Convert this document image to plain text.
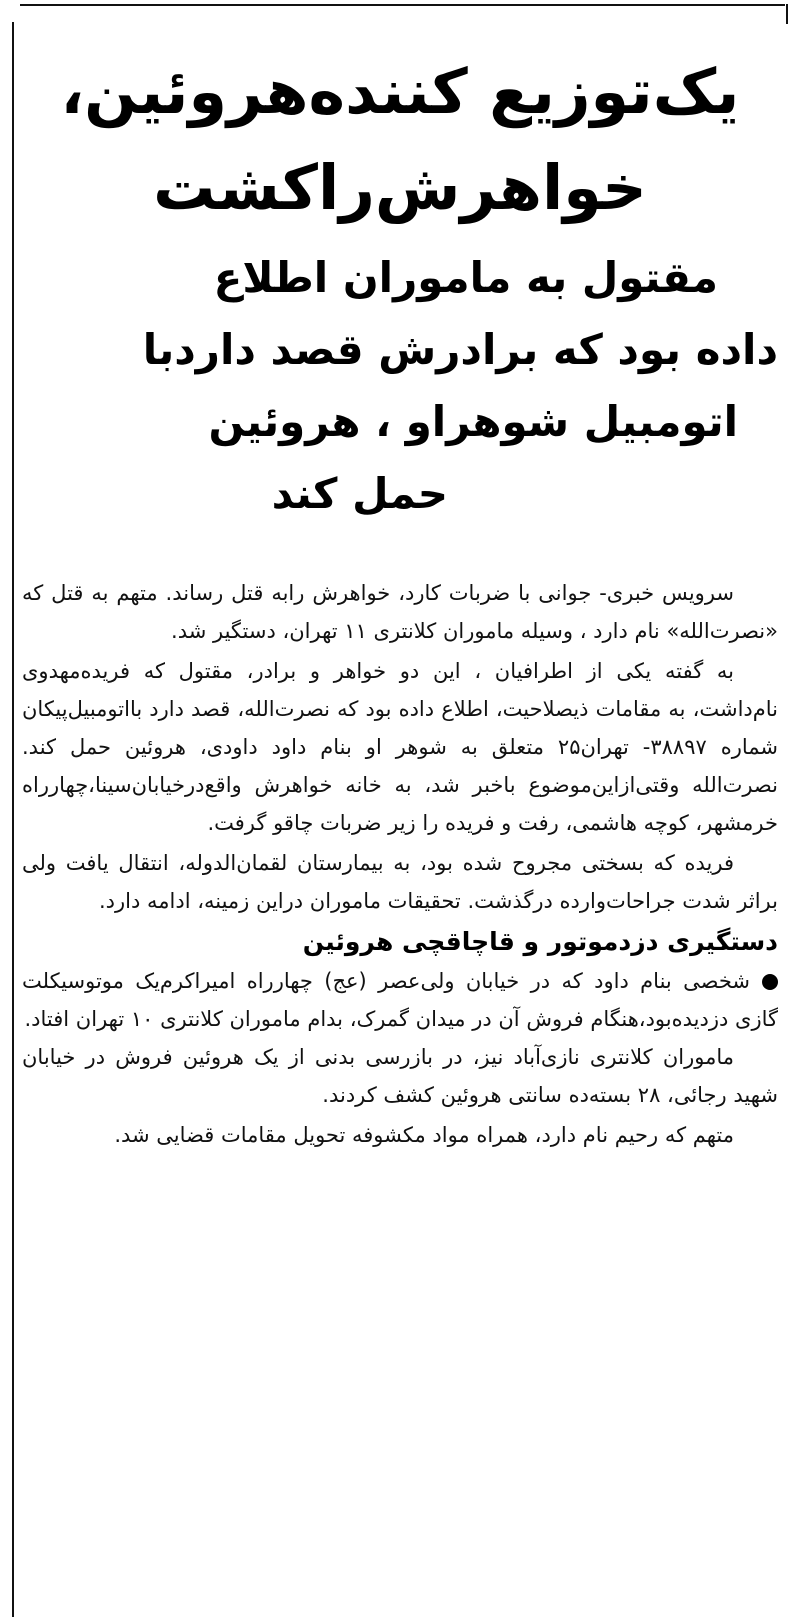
یک‌توزیع کننده‌هروئین،
خواهرش‌راکشت
مقتول به ماموران اطلاع
داده بود که برادرش قصد داردبا
اتومبیل شوهراو ، هروئین
حمل کند

سرویس خبری- جوانی با ضربات کارد، خواهرش رابه قتل رساند. متهم به قتل که «نصرت‌الله» نام دارد ، وسیله ماموران کلانتری ۱۱ تهران، دستگیر شد.

به گفته یکی از اطرافیان ، این دو خواهر و برادر، مقتول که فریده‌مهدوی نام‌داشت، به مقامات ذیصلاحیت، اطلاع داده بود که نصرت‌الله، قصد دارد بااتومبیل‌پیکان شماره ۳۸۸۹۷- تهران۲۵ متعلق به شوهر او بنام داود داودی، هروئین حمل کند. نصرت‌الله وقتی‌ازاین‌موضوع باخبر شد، به خانه خواهرش واقع‌درخیابان‌سینا،چهارراه خرمشهر، کوچه هاشمی، رفت و فریده را زیر ضربات چاقو گرفت.

فریده که بسختی مجروح شده بود، به بیمارستان لقمان‌الدوله، انتقال یافت ولی براثر شدت جراحات‌وارده درگذشت. تحقیقات ماموران دراین زمینه، ادامه دارد.

دستگیری دزدموتور و قاچاقچی هروئین

شخصی بنام داود که در خیابان ولی‌عصر (عج) چهارراه امیراکرم‌یک موتوسیکلت گازی دزدیده‌بود،هنگام فروش آن در میدان گمرک، بدام ماموران کلانتری ۱۰ تهران افتاد.

ماموران کلانتری نازی‌آباد نیز، در بازرسی بدنی از یک هروئین فروش در خیابان شهید رجائی، ۲۸ بسته‌ده سانتی هروئین کشف کردند.

متهم که رحیم نام دارد، همراه مواد مکشوفه تحویل مقامات قضایی شد.
